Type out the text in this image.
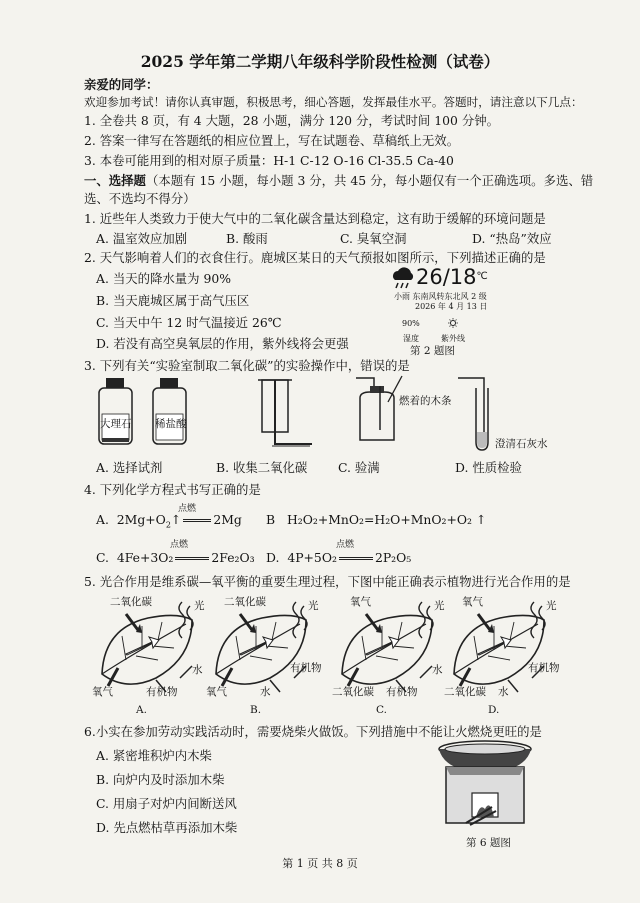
2025 学年第二学期八年级科学阶段性检测（试卷）
亲爱的同学：
欢迎参加考试！请你认真审题，积极思考，细心答题，发挥最佳水平。答题时，请注意以下几点：
1. 全卷共 8 页，有 4 大题，28 小题，满分 120 分，考试时间 100 分钟。
2. 答案一律写在答题纸的相应位置上，写在试题卷、草稿纸上无效。
3. 本卷可能用到的相对原子质量：H-1 C-12 O-16 Cl-35.5 Ca-40
一、选择题（本题有 15 小题，每小题 3 分，共 45 分，每小题仅有一个正确选项。多选、错
选、不选均不得分）
1. 近些年人类致力于使大气中的二氧化碳含量达到稳定，这有助于缓解的环境问题是
A. 温室效应加剧	B. 酸雨	C. 臭氧空洞	D. “热岛”效应
2. 天气影响着人们的衣食住行。鹿城区某日的天气预报如图所示，下列描述正确的是
A. 当天的降水量为 90%
B. 当天鹿城区属于高气压区
C. 当天中午 12 时气温接近 26℃
D. 若没有高空臭氧层的作用，紫外线将会更强
26/18℃
小雨 东南风转东北风 2 级
2026 年 4 月 13 日
90%
湿度	紫外线
第 2 题图
3. 下列有关“实验室制取二氧化碳”的实验操作中，错误的是
大理石 稀盐酸
燃着的木条
澄清石灰水
A. 选择试剂	B. 收集二氧化碳 C. 验满	D. 性质检验
4. 下列化学方程式书写正确的是
点燃
A. $2Mg+O_2↑$	2Mg B H₂O₂+MnO₂=H₂O+MnO₂+O₂ ↑
点燃	点燃
C. 4Fe+3O₂	2Fe₂O₃ D. 4P+5O₂	2P₂O₅
5. 光合作用是维系碳—氧平衡的重要生理过程，下图中能正确表示植物进行光合作用的是
二氧化碳	光
氧气	有机物
水
A.
二氧化碳	光
氧气	水
有机物
B.
氧气	光
二氧化碳 有机物
水
C.
氧气	光
二氧化碳 水
有机物
D.
6.小实在参加劳动实践活动时，需要烧柴火做饭。下列措施中不能让火燃烧更旺的是
A. 紧密堆积炉内木柴
B. 向炉内及时添加木柴
C. 用扇子对炉内间断送风
D. 先点燃枯草再添加木柴
第 6 题图
第 1 页 共 8 页
